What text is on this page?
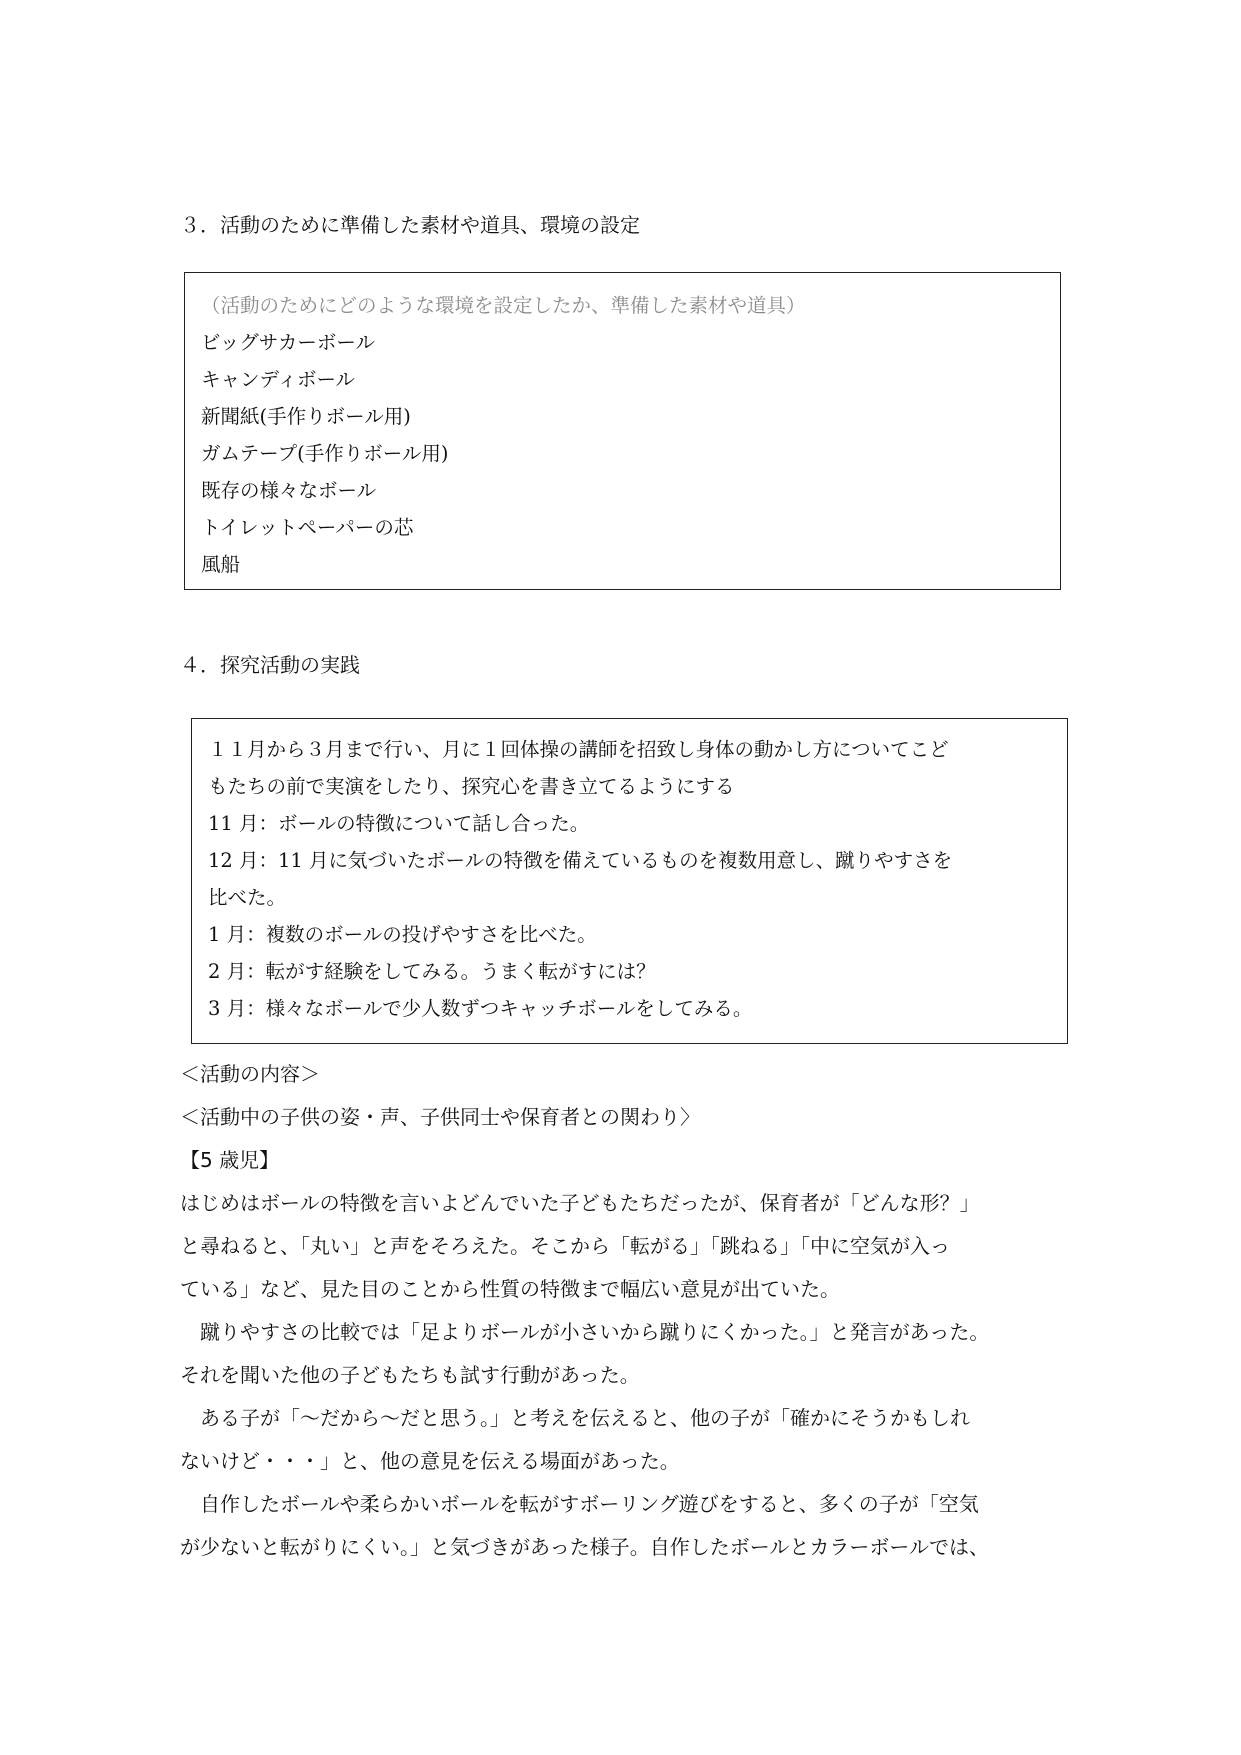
３．活動のために準備した素材や道具、環境の設定
（活動のためにどのような環境を設定したか、準備した素材や道具）
ビッグサカーボール
キャンディボール
新聞紙(手作りボール用)
ガムテープ(手作りボール用)
既存の様々なボール
トイレットペーパーの芯
風船
４．探究活動の実践
１１月から３月まで行い、月に１回体操の講師を招致し身体の動かし方についてこど
もたちの前で実演をしたり、探究心を書き立てるようにする
11 月：ボールの特徴について話し合った。
12 月：11 月に気づいたボールの特徴を備えているものを複数用意し、蹴りやすさを
比べた。
1 月：複数のボールの投げやすさを比べた。
2 月：転がす経験をしてみる。うまく転がすには？
3 月：様々なボールで少人数ずつキャッチボールをしてみる。
＜活動の内容＞
＜活動中の子供の姿・声、子供同士や保育者との関わり〉
【5 歳児】
はじめはボールの特徴を言いよどんでいた子どもたちだったが、保育者が「どんな形？」
と尋ねると、「丸い」と声をそろえた。そこから「転がる」「跳ねる」「中に空気が入っ
ている」など、見た目のことから性質の特徴まで幅広い意見が出ていた。
蹴りやすさの比較では「足よりボールが小さいから蹴りにくかった。」と発言があった。
それを聞いた他の子どもたちも試す行動があった。
ある子が「～だから～だと思う。」と考えを伝えると、他の子が「確かにそうかもしれ
ないけど・・・」と、他の意見を伝える場面があった。
自作したボールや柔らかいボールを転がすボーリング遊びをすると、多くの子が「空気
が少ないと転がりにくい。」と気づきがあった様子。自作したボールとカラーボールでは、
